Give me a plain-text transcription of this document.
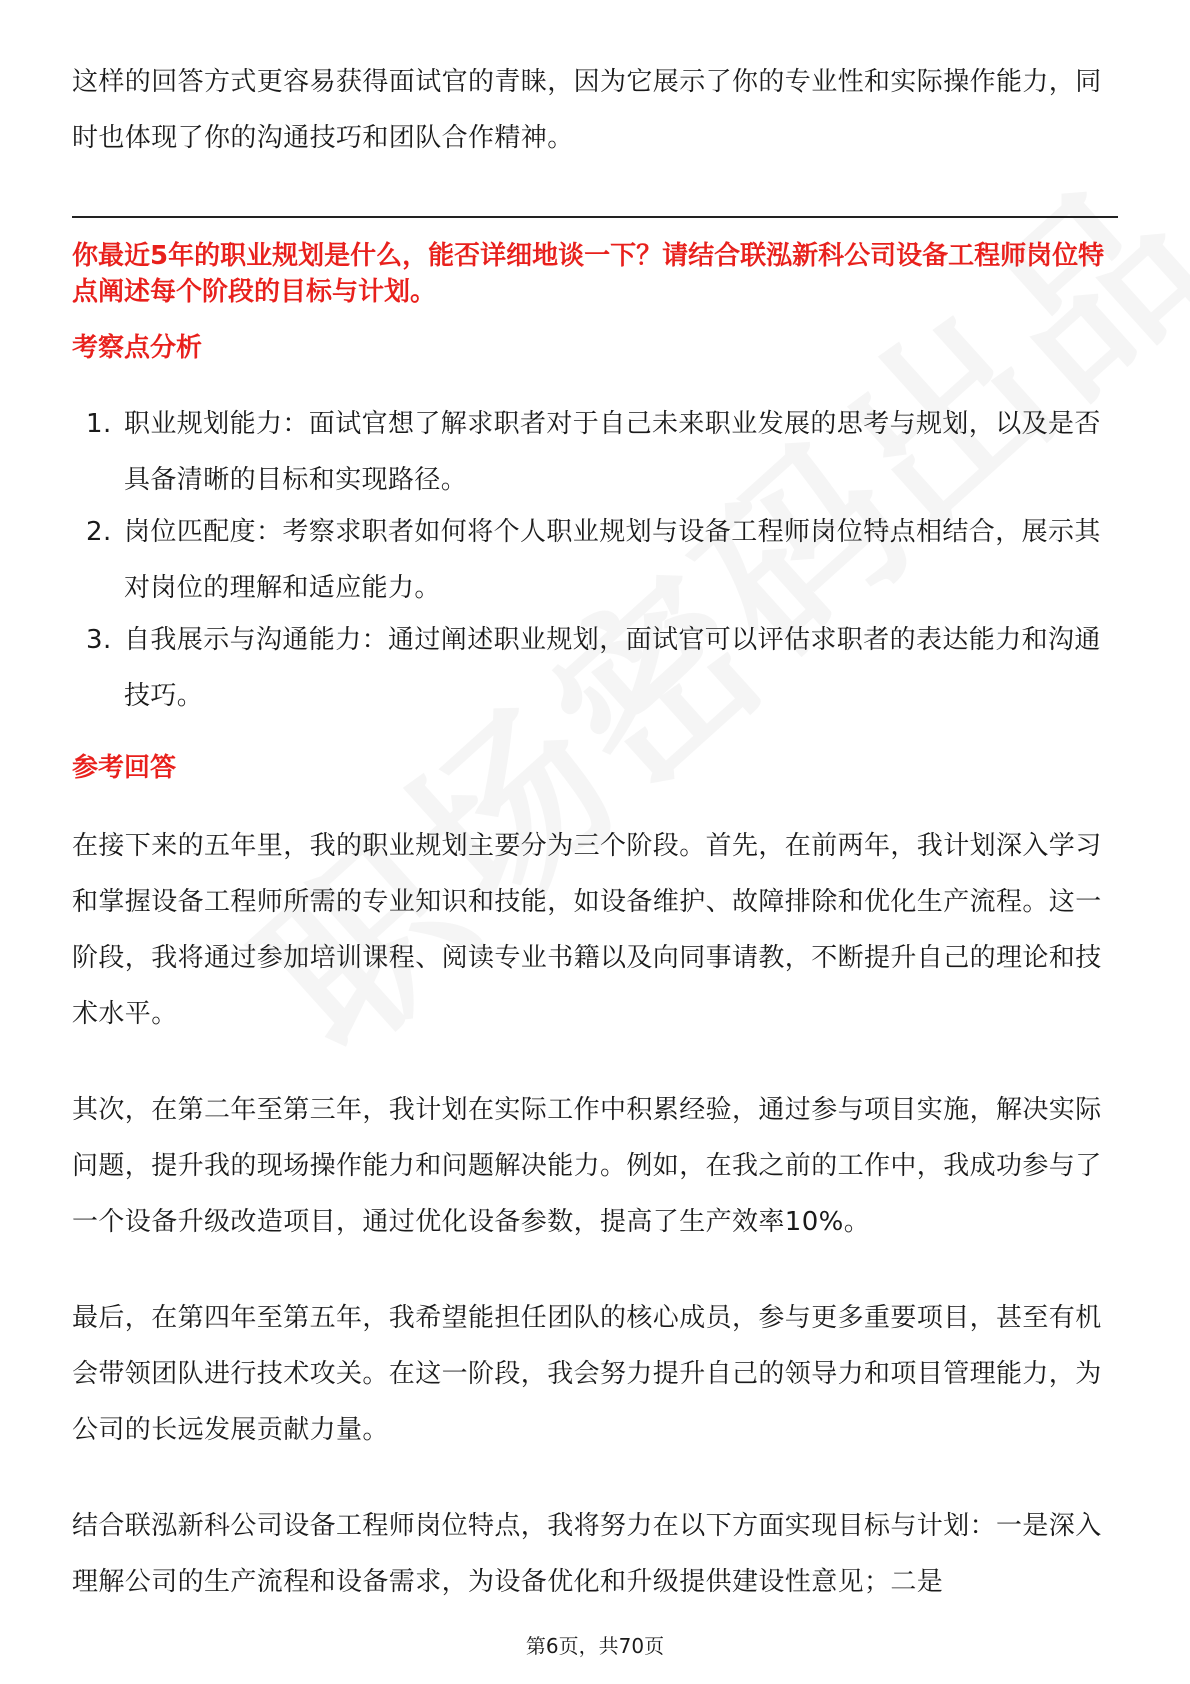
这样的回答方式更容易获得面试官的青睐，因为它展示了你的专业性和实际操作能力，同时也体现了你的沟通技巧和团队合作精神。

你最近5年的职业规划是什么，能否详细地谈一下？请结合联泓新科公司设备工程师岗位特点阐述每个阶段的目标与计划。

考察点分析

1. 职业规划能力：面试官想了解求职者对于自己未来职业发展的思考与规划，以及是否具备清晰的目标和实现路径。
2. 岗位匹配度：考察求职者如何将个人职业规划与设备工程师岗位特点相结合，展示其对岗位的理解和适应能力。
3. 自我展示与沟通能力：通过阐述职业规划，面试官可以评估求职者的表达能力和沟通技巧。

参考回答

在接下来的五年里，我的职业规划主要分为三个阶段。首先，在前两年，我计划深入学习和掌握设备工程师所需的专业知识和技能，如设备维护、故障排除和优化生产流程。这一阶段，我将通过参加培训课程、阅读专业书籍以及向同事请教，不断提升自己的理论和技术水平。

其次，在第二年至第三年，我计划在实际工作中积累经验，通过参与项目实施，解决实际问题，提升我的现场操作能力和问题解决能力。例如，在我之前的工作中，我成功参与了一个设备升级改造项目，通过优化设备参数，提高了生产效率10%。

最后，在第四年至第五年，我希望能担任团队的核心成员，参与更多重要项目，甚至有机会带领团队进行技术攻关。在这一阶段，我会努力提升自己的领导力和项目管理能力，为公司的长远发展贡献力量。

结合联泓新科公司设备工程师岗位特点，我将努力在以下方面实现目标与计划：一是深入理解公司的生产流程和设备需求，为设备优化和升级提供建设性意见；二是

第6页，共70页
